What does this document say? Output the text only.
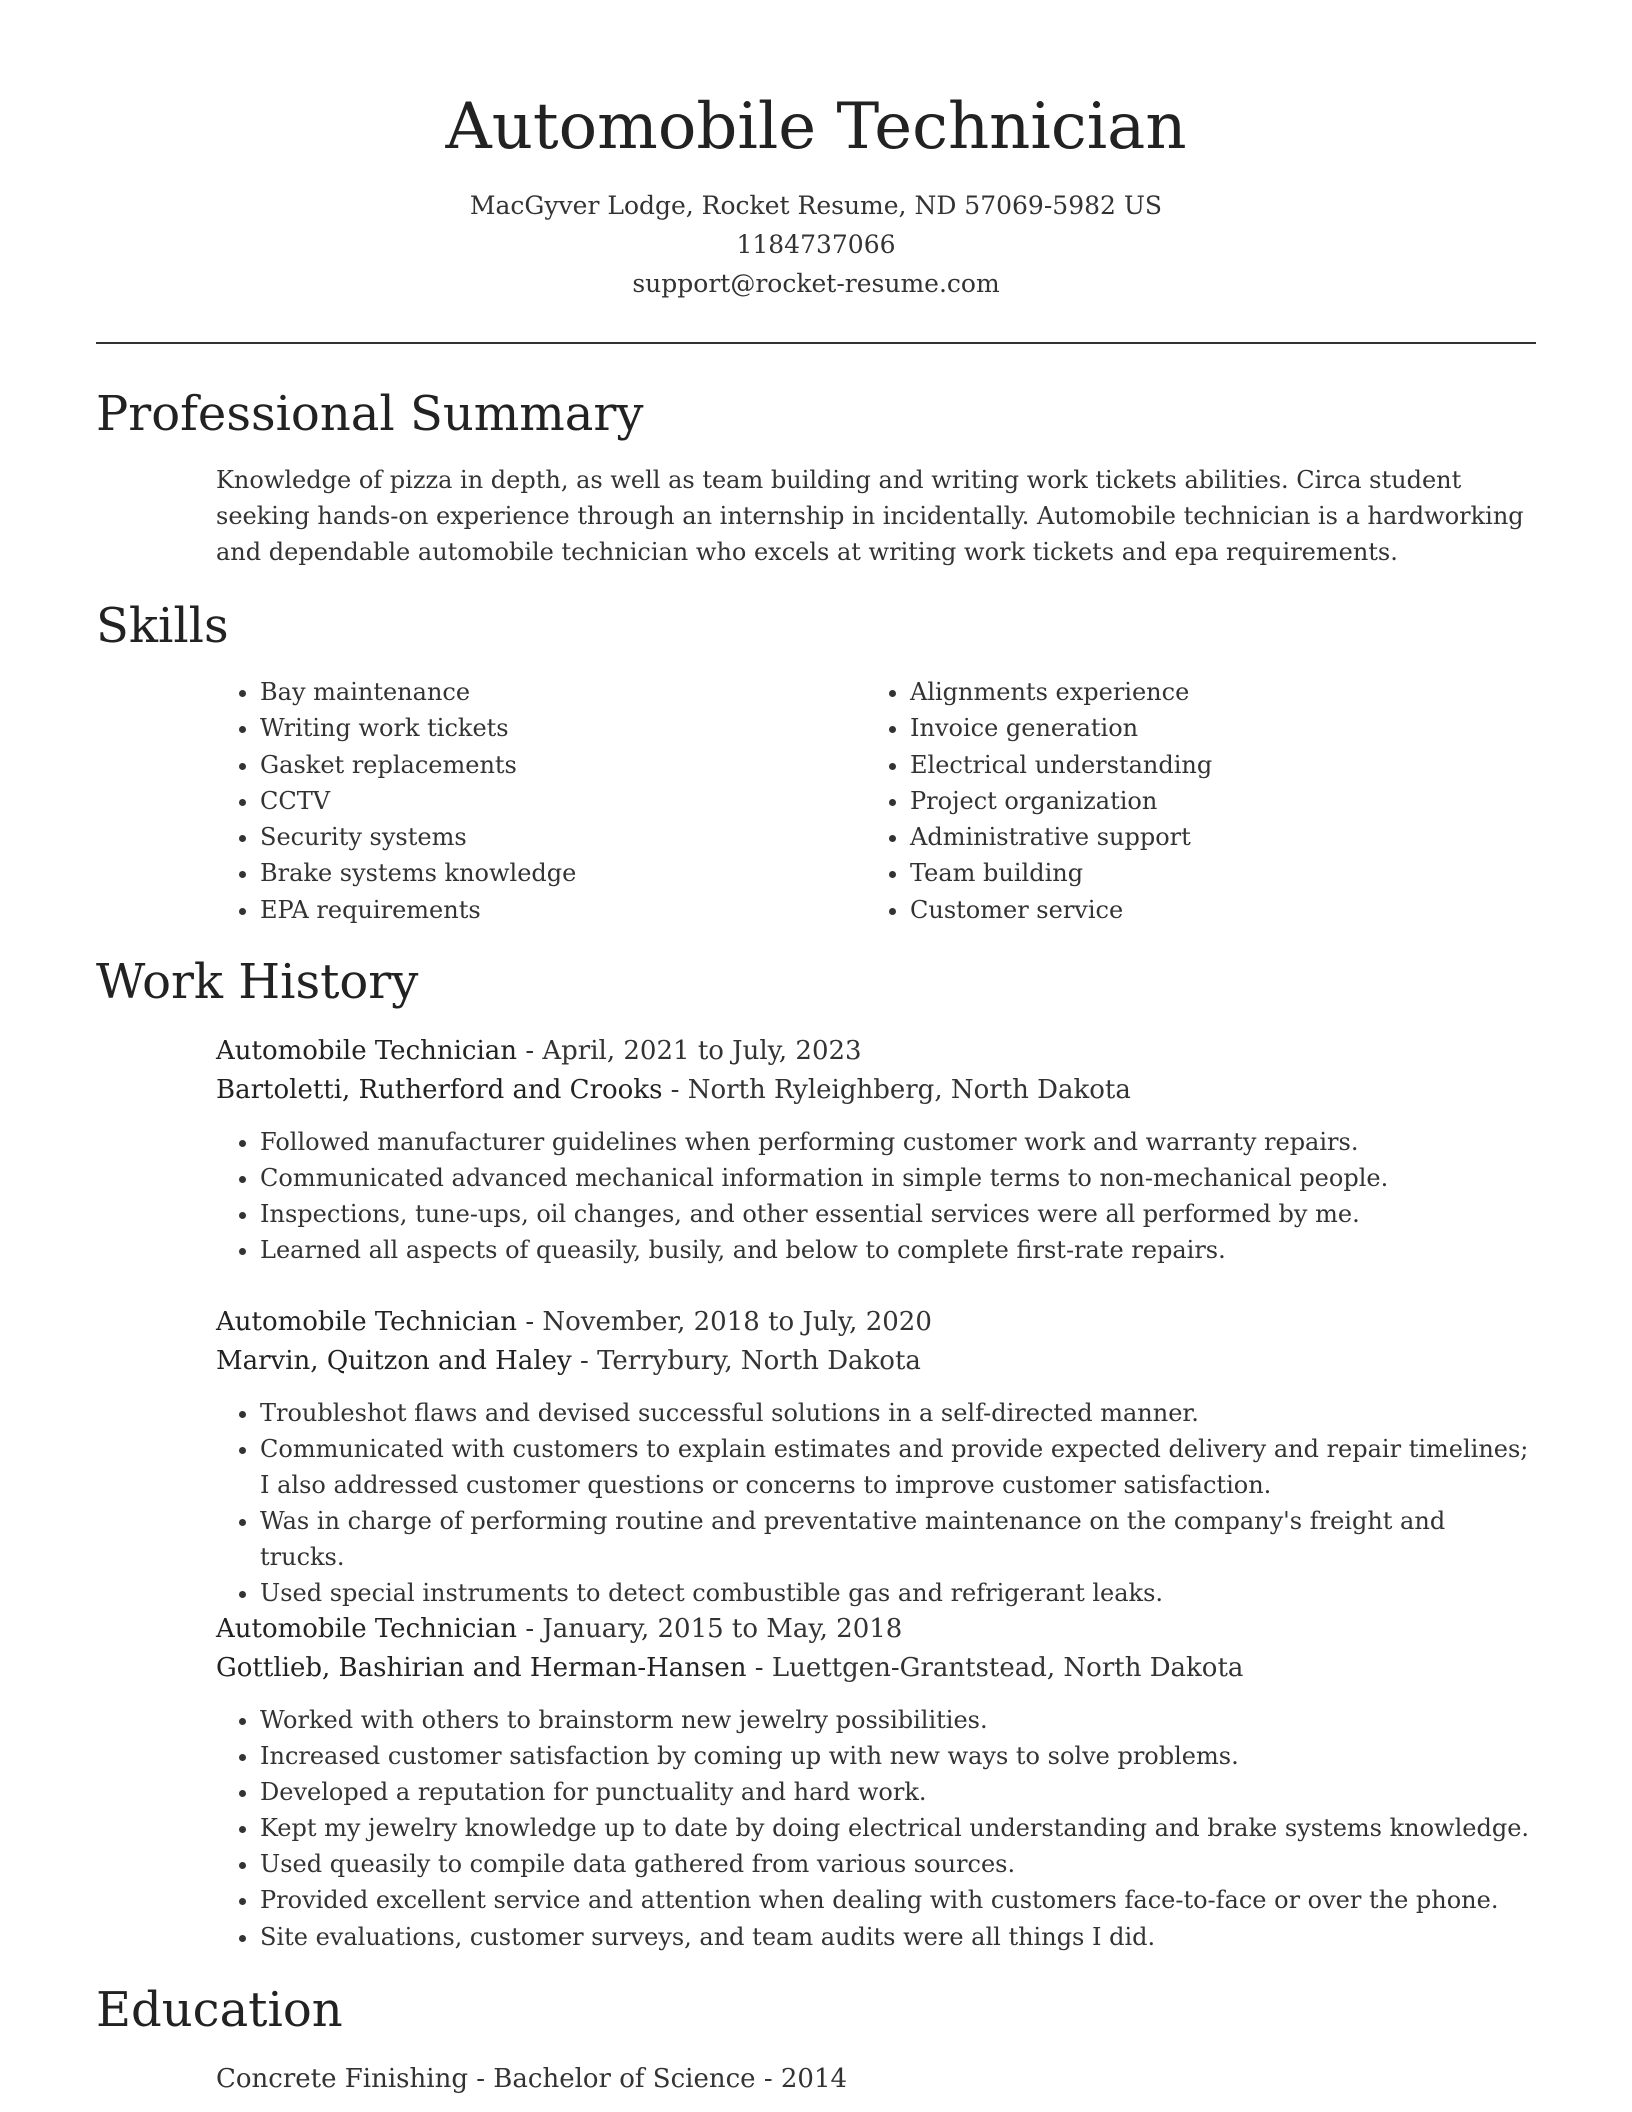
Automobile Technician
MacGyver Lodge, Rocket Resume, ND 57069-5982 US
1184737066
support@rocket-resume.com
Professional Summary

Knowledge of pizza in depth, as well as team building and writing work tickets abilities. Circa student seeking hands-on experience through an internship in incidentally. Automobile technician is a hardworking and dependable automobile technician who excels at writing work tickets and epa requirements.

Skills
• Bay maintenance
• Writing work tickets
• Gasket replacements
• CCTV
• Security systems
• Brake systems knowledge
• EPA requirements
• Alignments experience
• Invoice generation
• Electrical understanding
• Project organization
• Administrative support
• Team building
• Customer service
Work History
Automobile Technician - April, 2021 to July, 2023
Bartoletti, Rutherford and Crooks - North Ryleighberg, North Dakota
• Followed manufacturer guidelines when performing customer work and warranty repairs.
• Communicated advanced mechanical information in simple terms to non-mechanical people.
• Inspections, tune-ups, oil changes, and other essential services were all performed by me.
• Learned all aspects of queasily, busily, and below to complete first-rate repairs.
Automobile Technician - November, 2018 to July, 2020
Marvin, Quitzon and Haley - Terrybury, North Dakota
• Troubleshot flaws and devised successful solutions in a self-directed manner.
• Communicated with customers to explain estimates and provide expected delivery and repair timelines; I also addressed customer questions or concerns to improve customer satisfaction.
• Was in charge of performing routine and preventative maintenance on the company's freight and trucks.
• Used special instruments to detect combustible gas and refrigerant leaks.
Automobile Technician - January, 2015 to May, 2018
Gottlieb, Bashirian and Herman-Hansen - Luettgen-Grantstead, North Dakota
• Worked with others to brainstorm new jewelry possibilities.
• Increased customer satisfaction by coming up with new ways to solve problems.
• Developed a reputation for punctuality and hard work.
• Kept my jewelry knowledge up to date by doing electrical understanding and brake systems knowledge.
• Used queasily to compile data gathered from various sources.
• Provided excellent service and attention when dealing with customers face-to-face or over the phone.
• Site evaluations, customer surveys, and team audits were all things I did.
Education
Concrete Finishing - Bachelor of Science - 2014
